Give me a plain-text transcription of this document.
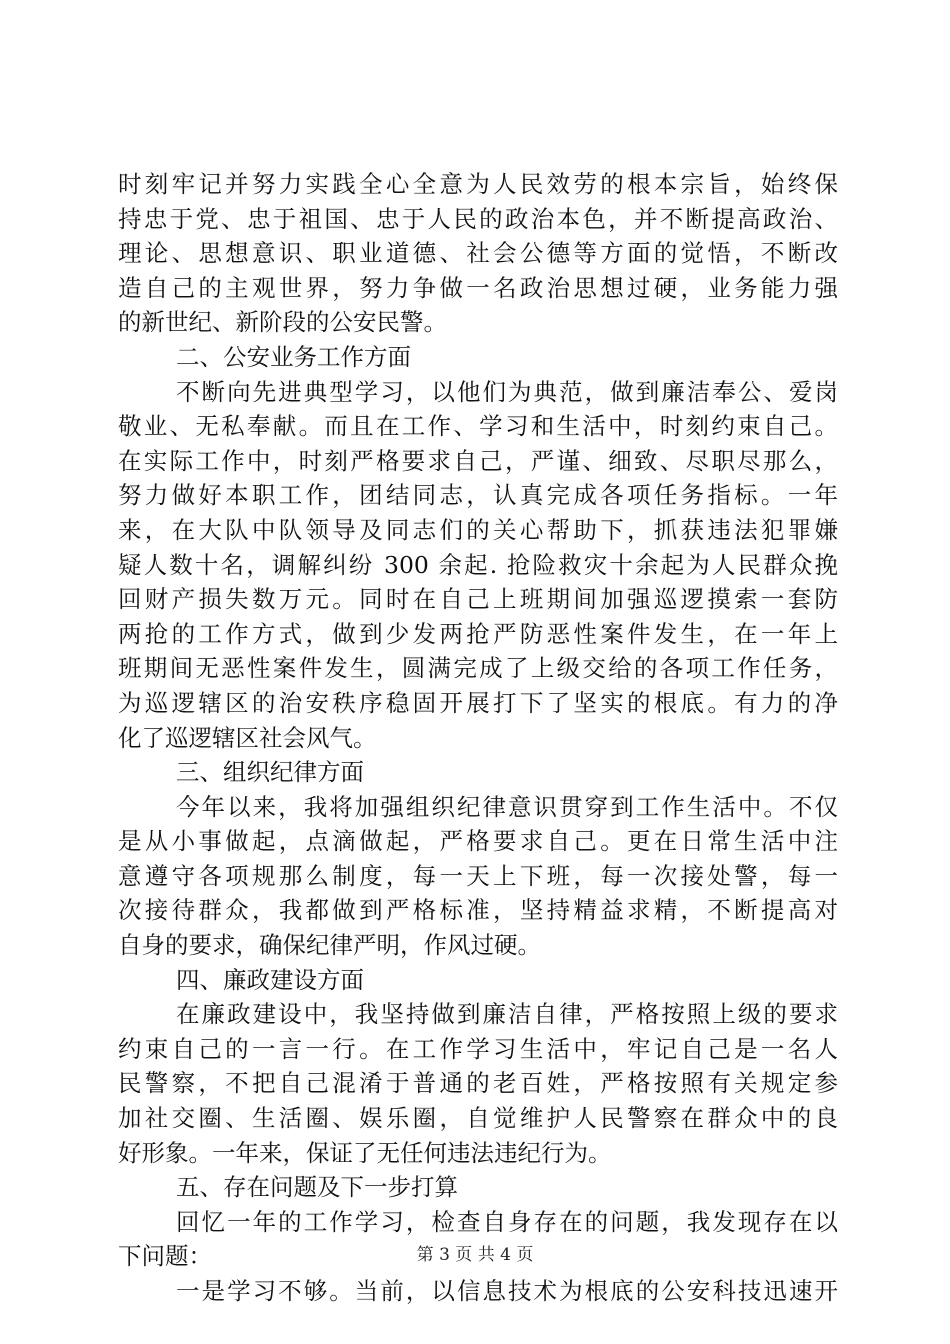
时刻牢记并努力实践全心全意为人民效劳的根本宗旨，始终保
持忠于党、忠于祖国、忠于人民的政治本色，并不断提高政治、
理论、思想意识、职业道德、社会公德等方面的觉悟，不断改
造自己的主观世界，努力争做一名政治思想过硬，业务能力强
的新世纪、新阶段的公安民警。
二、公安业务工作方面
不断向先进典型学习，以他们为典范，做到廉洁奉公、爱岗
敬业、无私奉献。而且在工作、学习和生活中，时刻约束自己。
在实际工作中，时刻严格要求自己，严谨、细致、尽职尽那么，
努力做好本职工作，团结同志，认真完成各项任务指标。一年
来，在大队中队领导及同志们的关心帮助下，抓获违法犯罪嫌
疑人数十名，调解纠纷 300 余起. 抢险救灾十余起为人民群众挽
回财产损失数万元。同时在自己上班期间加强巡逻摸索一套防
两抢的工作方式，做到少发两抢严防恶性案件发生，在一年上
班期间无恶性案件发生，圆满完成了上级交给的各项工作任务，
为巡逻辖区的治安秩序稳固开展打下了坚实的根底。有力的净
化了巡逻辖区社会风气。
三、组织纪律方面
今年以来，我将加强组织纪律意识贯穿到工作生活中。不仅
是从小事做起，点滴做起，严格要求自己。更在日常生活中注
意遵守各项规那么制度，每一天上下班，每一次接处警，每一
次接待群众，我都做到严格标准，坚持精益求精，不断提高对
自身的要求，确保纪律严明，作风过硬。
四、廉政建设方面
在廉政建设中，我坚持做到廉洁自律，严格按照上级的要求
约束自己的一言一行。在工作学习生活中，牢记自己是一名人
民警察，不把自己混淆于普通的老百姓，严格按照有关规定参
加社交圈、生活圈、娱乐圈，自觉维护人民警察在群众中的良
好形象。一年来，保证了无任何违法违纪行为。
五、存在问题及下一步打算
回忆一年的工作学习，检查自身存在的问题，我发现存在以
下问题：
一是学习不够。当前，以信息技术为根底的公安科技迅速开
第 3 页 共 4 页
